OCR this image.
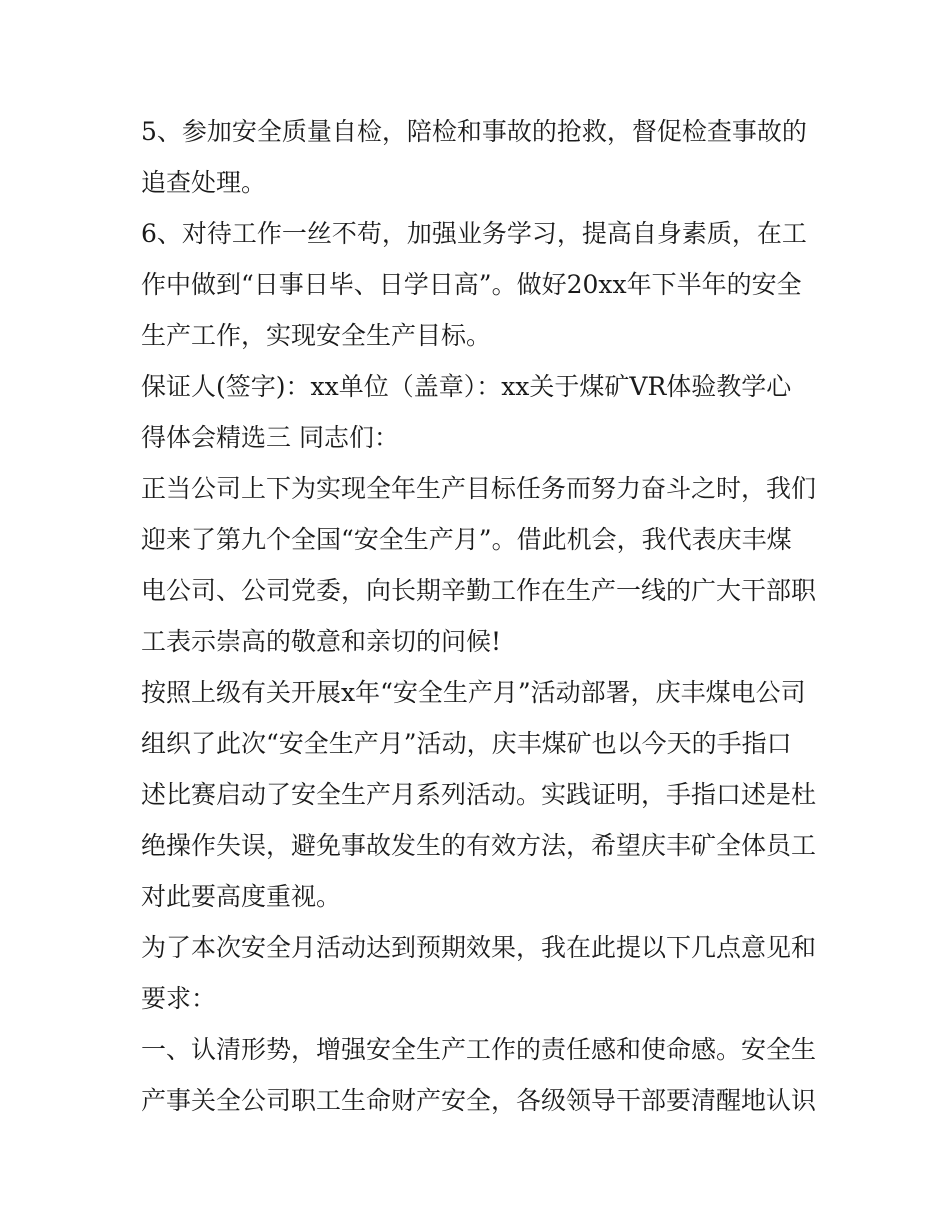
5、参加安全质量自检，陪检和事故的抢救，督促检查事故的追查处理。

6、对待工作一丝不苟，加强业务学习，提高自身素质，在工作中做到“日事日毕、日学日高”。做好20xx年下半年的安全生产工作，实现安全生产目标。

保证人(签字)：xx单位（盖章）：xx关于煤矿VR体验教学心得体会精选三 同志们：

正当公司上下为实现全年生产目标任务而努力奋斗之时，我们迎来了第九个全国“安全生产月”。借此机会，我代表庆丰煤电公司、公司党委，向长期辛勤工作在生产一线的广大干部职工表示崇高的敬意和亲切的问候!

按照上级有关开展x年“安全生产月”活动部署，庆丰煤电公司组织了此次“安全生产月”活动，庆丰煤矿也以今天的手指口述比赛启动了安全生产月系列活动。实践证明，手指口述是杜绝操作失误，避免事故发生的有效方法，希望庆丰矿全体员工对此要高度重视。

为了本次安全月活动达到预期效果，我在此提以下几点意见和要求：

一、认清形势，增强安全生产工作的责任感和使命感。安全生产事关全公司职工生命财产安全，各级领导干部要清醒地认识
